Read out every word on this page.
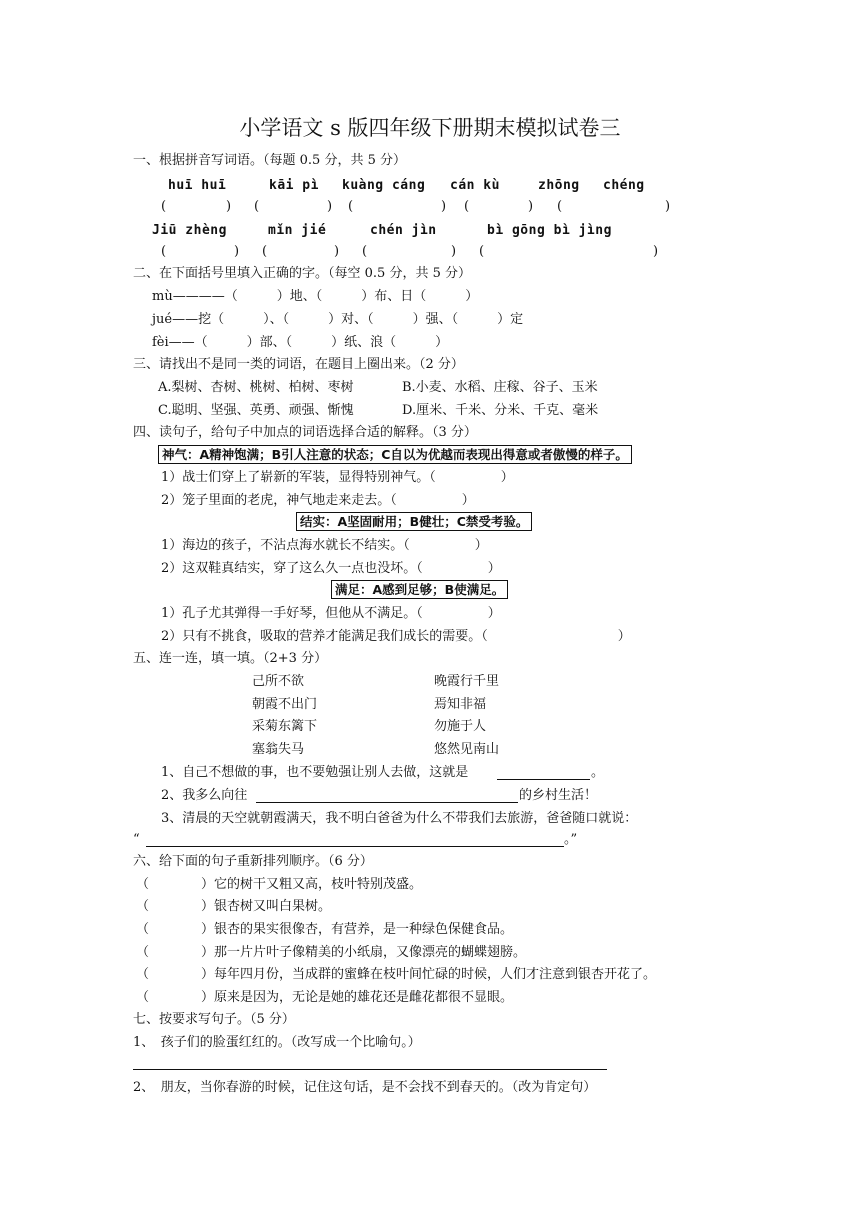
小学语文 s 版四年级下册期末模拟试卷三
一、根据拼音写词语。（每题 0.5 分，共 5 分）
huī huī	kāi pì kuàng cáng cán kù	zhōng chéng
(	) (	) (	) (	) (	)
Jiū zhèng	mǐn jié	chén jìn	bì gōng bì jìng
(	) (	) (	) (	)
二、在下面括号里填入正确的字。（每空 0.5 分，共 5 分）
mù————（　　　）地、（　　　）布、日（　　　）
jué——挖（　　　）、（　　　）对、（　　　）强、（　　　）定
fèi——（　　　）部、（　　　）纸、浪（　　　）
三、请找出不是同一类的词语，在题目上圈出来。（2 分）
A.梨树、杏树、桃树、柏树、枣树	B.小麦、水稻、庄稼、谷子、玉米
C.聪明、坚强、英勇、顽强、惭愧	D.厘米、千米、分米、千克、毫米
四、读句子，给句子中加点的词语选择合适的解释。（3 分）
神气：A精神饱满；B引人注意的状态；C自以为优越而表现出得意或者傲慢的样子。
1）战士们穿上了崭新的军装，显得特别神气。（　　　　　）
2）笼子里面的老虎，神气地走来走去。（　　　　　）
结实：A坚固耐用；B健壮；C禁受考验。
1）海边的孩子，不沾点海水就长不结实。（　　　　　）
2）这双鞋真结实，穿了这么久一点也没坏。（　　　　　）
满足：A感到足够；B使满足。
1）孔子尤其弹得一手好琴，但他从不满足。（　　　　　）
2）只有不挑食，吸取的营养才能满足我们成长的需要。（　　　　　　　　　　）
五、连一连，填一填。（2+3 分）
己所不欲
朝霞不出门
采菊东篱下
塞翁失马
晚霞行千里
焉知非福
勿施于人
悠然见南山
1、自己不想做的事，也不要勉强让别人去做，这就是	。
2、我多么向往	的乡村生活！
3、清晨的天空就朝霞满天，我不明白爸爸为什么不带我们去旅游，爸爸随口就说：
“	。”
六、给下面的句子重新排列顺序。（6 分）
（　　　　）它的树干又粗又高，枝叶特别茂盛。
（　　　　）银杏树又叫白果树。
（　　　　）银杏的果实很像杏，有营养，是一种绿色保健食品。
（　　　　）那一片片叶子像精美的小纸扇，又像漂亮的蝴蝶翅膀。
（　　　　）每年四月份，当成群的蜜蜂在枝叶间忙碌的时候，人们才注意到银杏开花了。
（　　　　）原来是因为，无论是她的雄花还是雌花都很不显眼。
七、按要求写句子。（5 分）
1、　孩子们的脸蛋红红的。（改写成一个比喻句。）
2、　朋友，当你春游的时候，记住这句话，是不会找不到春天的。（改为肯定句）
